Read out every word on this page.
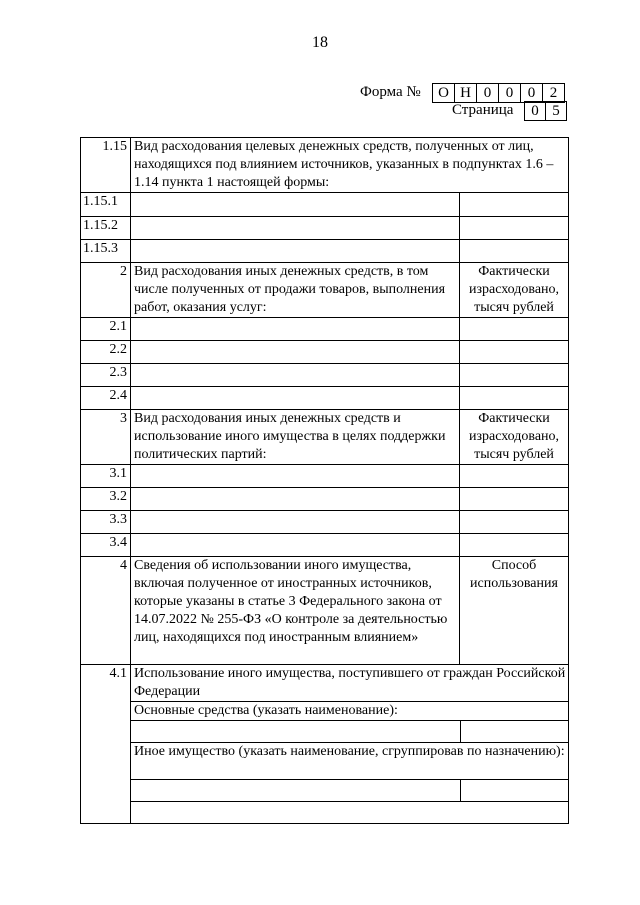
18
Форма №	О Н 0 0 0 2
Страница	0 5
1.15	Вид расходования целевых денежных средств, полученных от лиц, находящихся под влиянием источников, указанных в подпунктах 1.6 – 1.14 пункта 1 настоящей формы:
1.15.1		
1.15.2		
1.15.3		
2	Вид расходования иных денежных средств, в том числе полученных от продажи товаров, выполнения работ, оказания услуг:	Фактически израсходовано, тысяч рублей
2.1		
2.2		
2.3		
2.4		
3	Вид расходования иных денежных средств и использование иного имущества в целях поддержки политических партий:	Фактически израсходовано, тысяч рублей
3.1		
3.2		
3.3		
3.4		
4	Сведения об использовании иного имущества, включая полученное от иностранных источников, которые указаны в статье 3 Федерального закона от 14.07.2022 № 255-ФЗ «О контроле за деятельностью лиц, находящихся под иностранным влиянием»	Способ использования
4.1	Использование иного имущества, поступившего от граждан Российской Федерации
Основные средства (указать наименование):

Иное имущество (указать наименование, сгруппировав по назначению):
